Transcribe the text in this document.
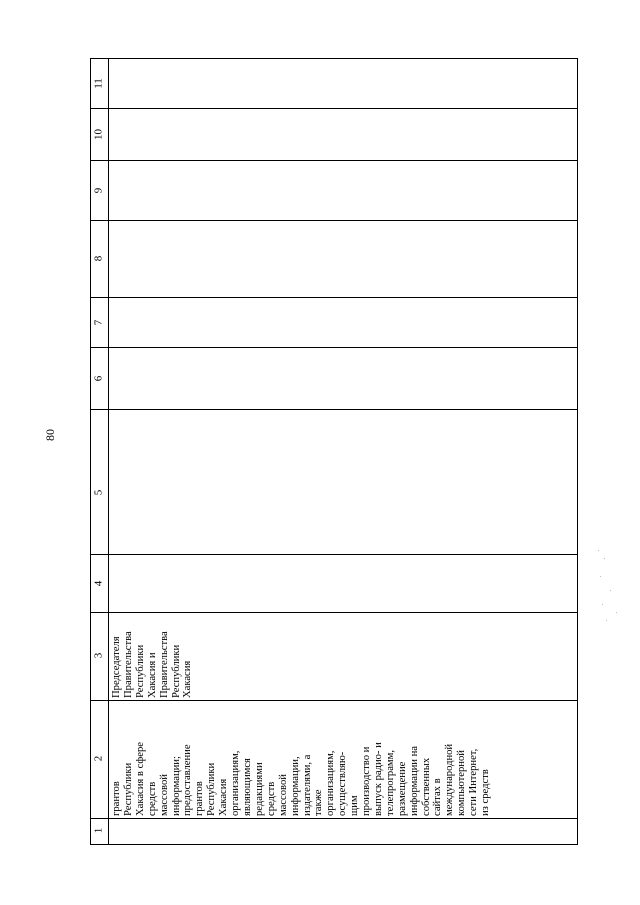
80
1
2
3
4
5
6
7
8
9
10
11
грантов Республики Хакасия в сфере средств массовой информации; предоставление грантов Республики Хакасия организациям, являющимся редакциями средств массовой информации, издателями, а также организациям, осуществляю- щим производство и выпуск радио- и телепрограмм, размещение информации на собственных сайтах в международной компьютерной сети Интернет, из средств
Председателя Правительства Республики Хакасия и Правительства Республики Хакасия
